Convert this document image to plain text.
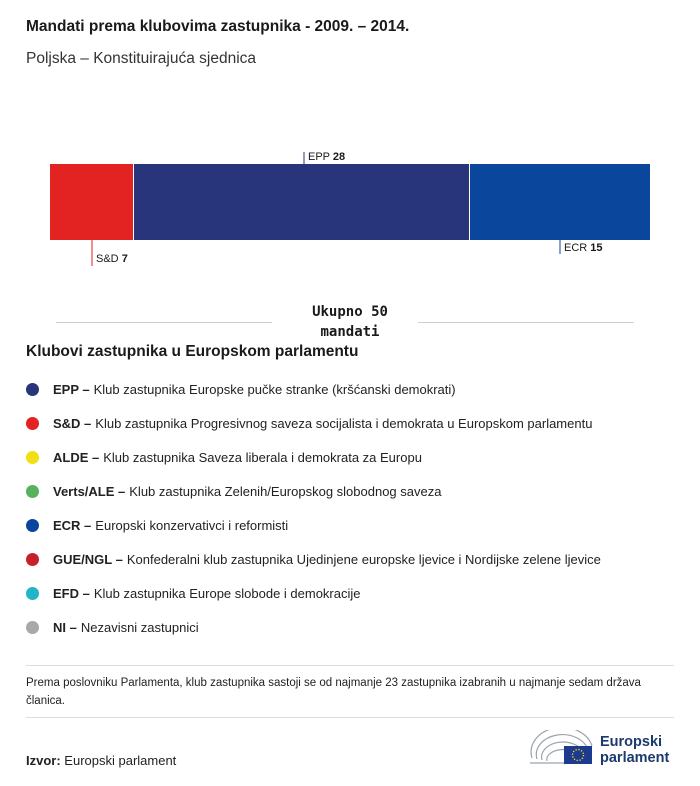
Mandati prema klubovima zastupnika - 2009. – 2014.
Poljska – Konstituirajuća sjednica
S&D 7
EPP 28
ECR 15
Ukupno 50 mandati
Klubovi zastupnika u Europskom parlamentu
EPP – Klub zastupnika Europske pučke stranke (kršćanski demokrati)
S&D – Klub zastupnika Progresivnog saveza socijalista i demokrata u Europskom parlamentu
ALDE – Klub zastupnika Saveza liberala i demokrata za Europu
Verts/ALE – Klub zastupnika Zelenih/Europskog slobodnog saveza
ECR – Europski konzervativci i reformisti
GUE/NGL – Konfederalni klub zastupnika Ujedinjene europske ljevice i Nordijske zelene ljevice
EFD – Klub zastupnika Europe slobode i demokracije
NI – Nezavisni zastupnici
Prema poslovniku Parlamenta, klub zastupnika sastoji se od najmanje 23 zastupnika izabranih u najmanje sedam država članica.
Izvor: Europski parlament
Europski
parlament
